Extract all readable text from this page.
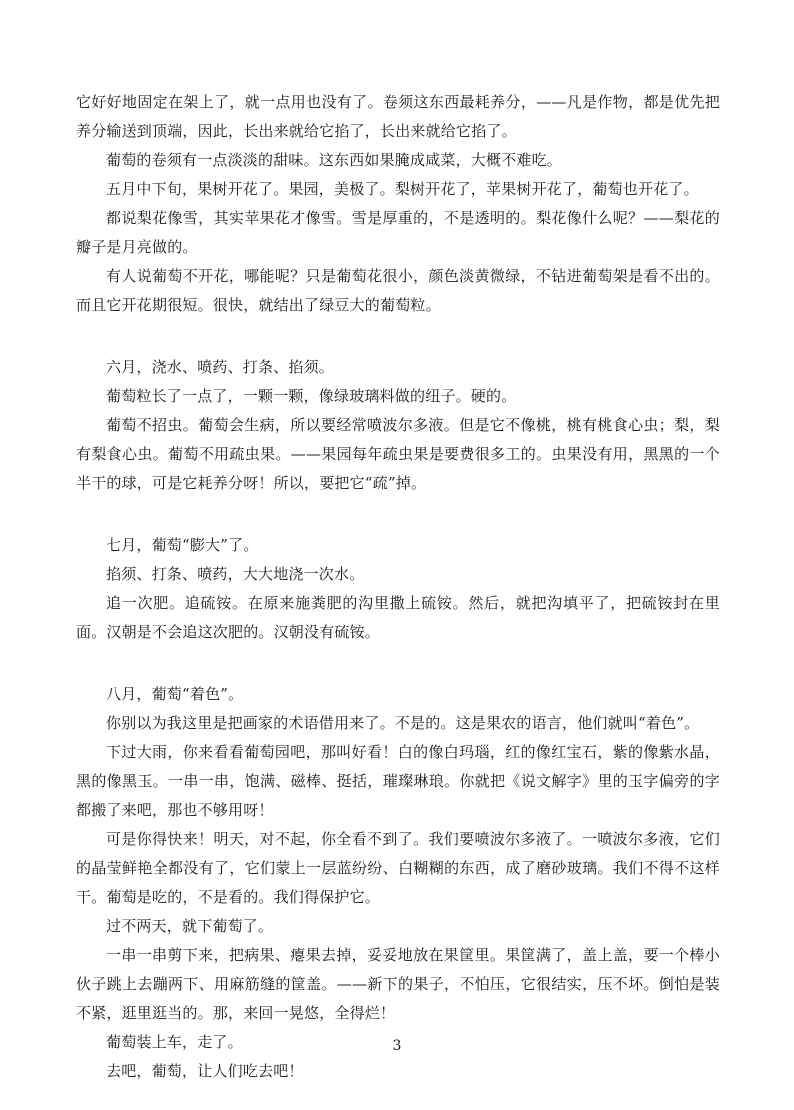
它好好地固定在架上了，就一点用也没有了。卷须这东西最耗养分，——凡是作物，都是优先把养分输送到顶端，因此，长出来就给它掐了，长出来就给它掐了。

葡萄的卷须有一点淡淡的甜味。这东西如果腌成咸菜，大概不难吃。

五月中下旬，果树开花了。果园，美极了。梨树开花了，苹果树开花了，葡萄也开花了。

都说梨花像雪，其实苹果花才像雪。雪是厚重的，不是透明的。梨花像什么呢？——梨花的瓣子是月亮做的。

有人说葡萄不开花，哪能呢？只是葡萄花很小，颜色淡黄微绿，不钻进葡萄架是看不出的。而且它开花期很短。很快，就结出了绿豆大的葡萄粒。

六月，浇水、喷药、打条、掐须。

葡萄粒长了一点了，一颗一颗，像绿玻璃料做的纽子。硬的。

葡萄不招虫。葡萄会生病，所以要经常喷波尔多液。但是它不像桃，桃有桃食心虫；梨，梨有梨食心虫。葡萄不用疏虫果。——果园每年疏虫果是要费很多工的。虫果没有用，黑黑的一个半干的球，可是它耗养分呀！所以，要把它“疏”掉。

七月，葡萄“膨大”了。

掐须、打条、喷药，大大地浇一次水。

追一次肥。追硫铵。在原来施粪肥的沟里撒上硫铵。然后，就把沟填平了，把硫铵封在里面。汉朝是不会追这次肥的。汉朝没有硫铵。

八月，葡萄“着色”。

你别以为我这里是把画家的术语借用来了。不是的。这是果农的语言，他们就叫“着色”。

下过大雨，你来看看葡萄园吧，那叫好看！白的像白玛瑙，红的像红宝石，紫的像紫水晶，黑的像黑玉。一串一串，饱满、磁棒、挺括，璀璨琳琅。你就把《说文解字》里的玉字偏旁的字都搬了来吧，那也不够用呀！

可是你得快来！明天，对不起，你全看不到了。我们要喷波尔多液了。一喷波尔多液，它们的晶莹鲜艳全都没有了，它们蒙上一层蓝纷纷、白糊糊的东西，成了磨砂玻璃。我们不得不这样干。葡萄是吃的，不是看的。我们得保护它。

过不两天，就下葡萄了。

一串一串剪下来，把病果、瘪果去掉，妥妥地放在果筐里。果筐满了，盖上盖，要一个棒小伙子跳上去蹦两下、用麻筋缝的筐盖。——新下的果子，不怕压，它很结实，压不坏。倒怕是装不紧，逛里逛当的。那，来回一晃悠，全得烂！

葡萄装上车，走了。

去吧，葡萄，让人们吃去吧！

3
